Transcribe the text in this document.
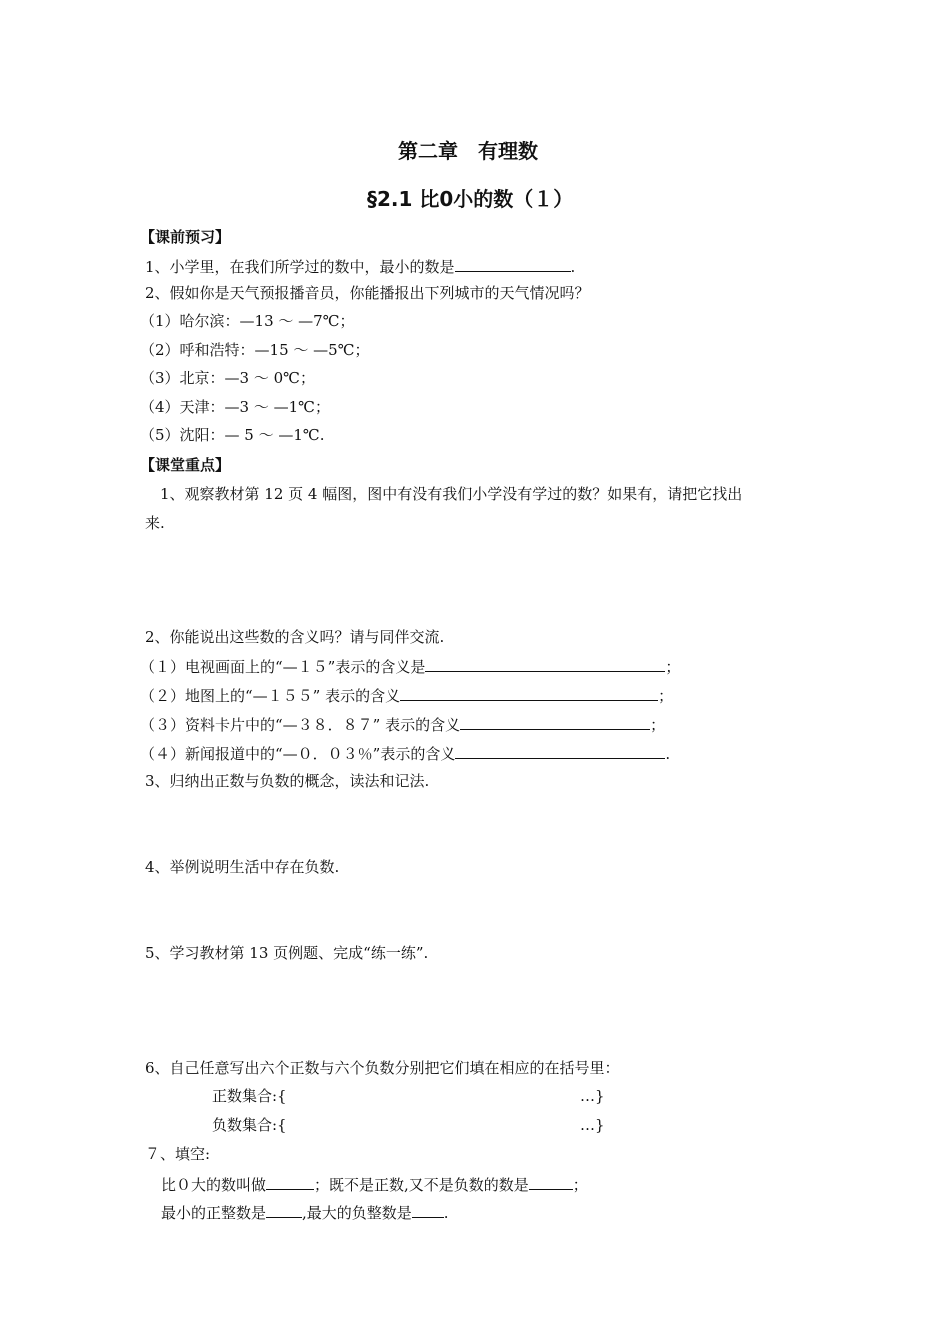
第二章　有理数
§2.1 比0小的数（１）
【课前预习】
1、小学里，在我们所学过的数中，最小的数是	.
2、假如你是天气预报播音员，你能播报出下列城市的天气情况吗？
（1）哈尔滨：—13 ～ —7℃；
（2）呼和浩特：—15 ～ —5℃；
（3）北京：—3 ～ 0℃；
（4）天津：—3 ～ —1℃；
（5）沈阳：— 5 ～ —1℃.
【课堂重点】
1、观察教材第 12 页 4 幅图，图中有没有我们小学没有学过的数？如果有，请把它找出
来.
2、你能说出这些数的含义吗？请与同伴交流.
（１）电视画面上的“—１５”表示的含义是	；
（２）地图上的“—１５５” 表示的含义	；
（３）资料卡片中的“—３８．８７” 表示的含义	；
（４）新闻报道中的“—０．０３％”表示的含义	.
3、归纳出正数与负数的概念，读法和记法.
4、举例说明生活中存在负数.
5、学习教材第 13 页例题、完成“练一练”.
6、自己任意写出六个正数与六个负数分别把它们填在相应的在括号里：
正数集合:{	…}
负数集合:{	…}
７、填空:
比０大的数叫做	；既不是正数,又不是负数的数是	；
最小的正整数是 ,最大的负整数是 .
